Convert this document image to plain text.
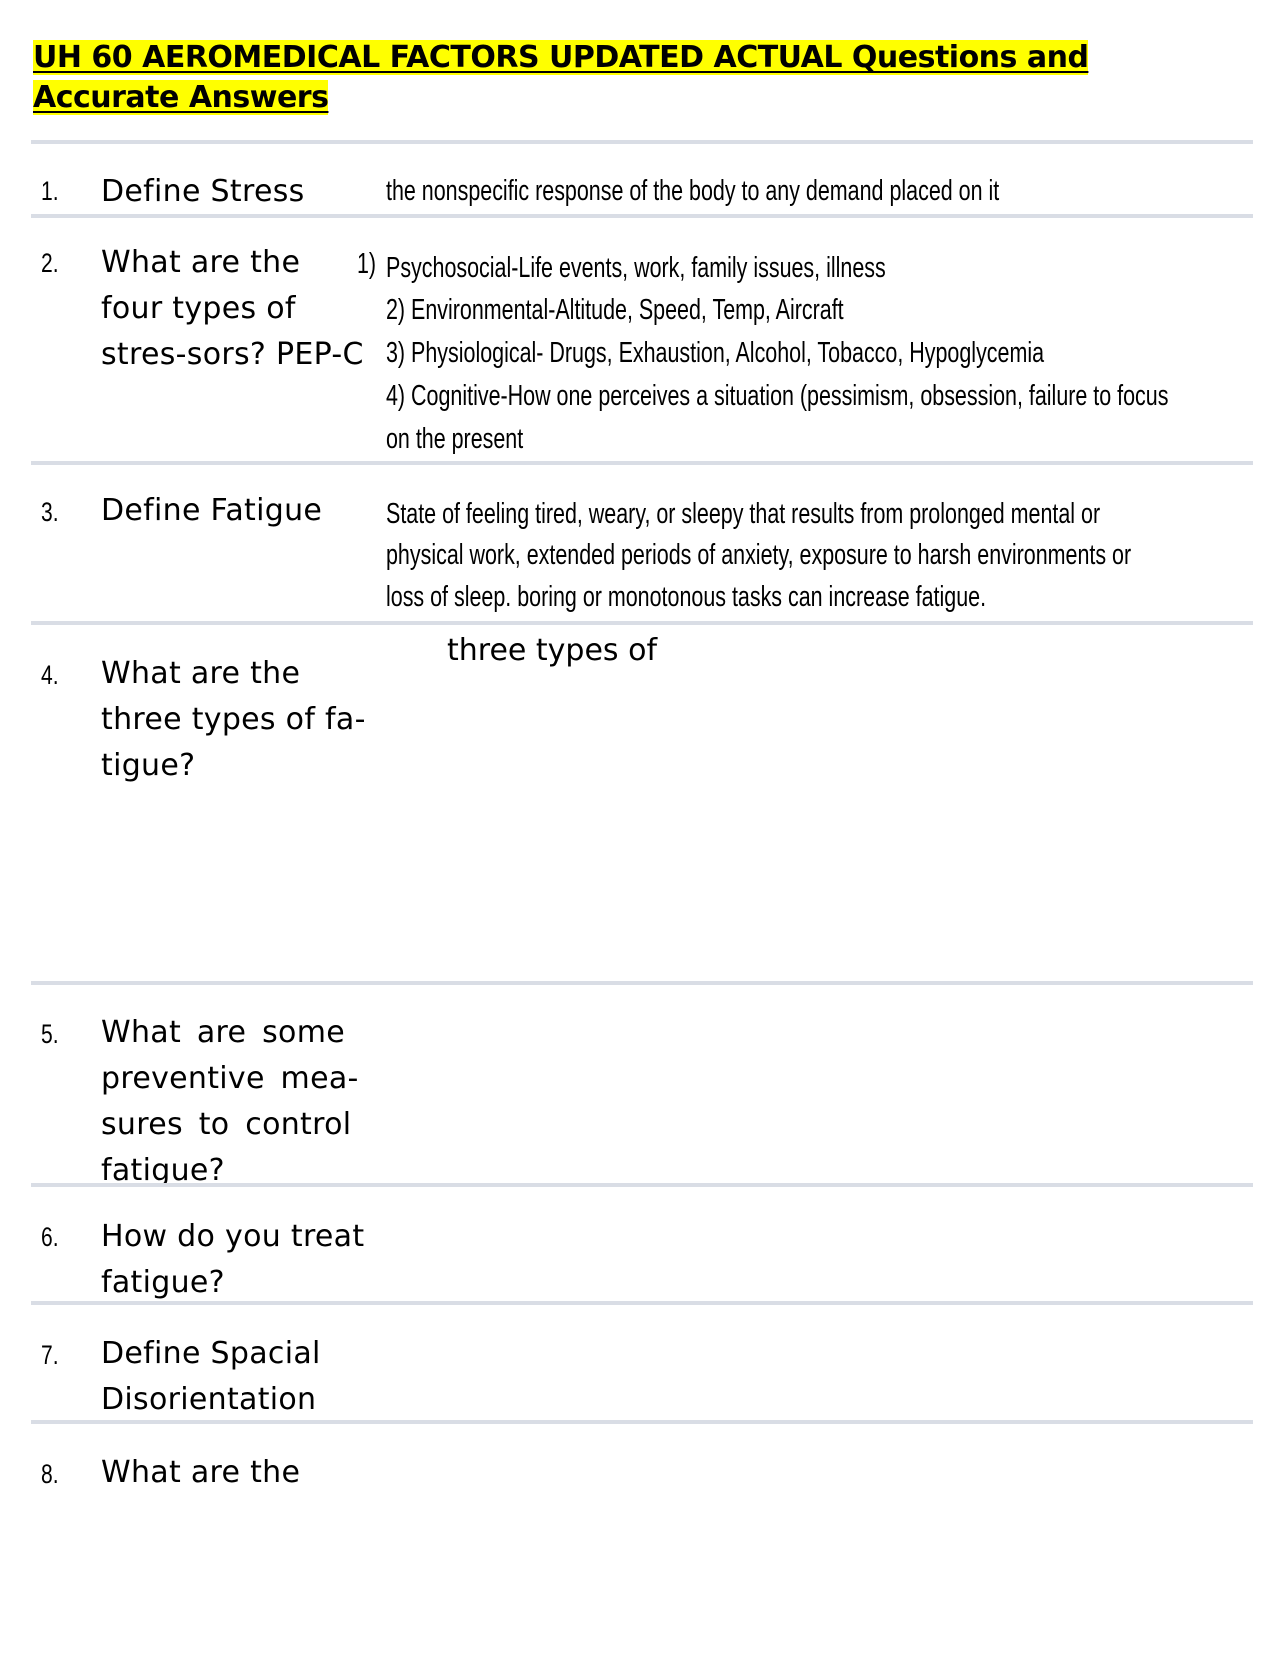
UH 60 AEROMEDICAL FACTORS UPDATED ACTUAL Questions and
Accurate Answers
1. Define Stress	the nonspecific response of the body to any demand placed on it
2. What are the four types of stres-sors? PEP-C
1) Psychosocial-Life events, work, family issues, illness
2) Environmental-Altitude, Speed, Temp, Aircraft
3) Physiological- Drugs, Exhaustion, Alcohol, Tobacco, Hypoglycemia
4) Cognitive-How one perceives a situation (pessimism, obsession, failure to focus
on the present
3. Define Fatigue	State of feeling tired, weary, or sleepy that results from prolonged mental or
physical work, extended periods of anxiety, exposure to harsh environments or
loss of sleep. boring or monotonous tasks can increase fatigue.
4. What are the three types of fa-tigue?
three types of
5. What are some preventive mea-sures to control fatigue?
6. How do you treat fatigue?
7. Define Spacial Disorientation
8. What are the
